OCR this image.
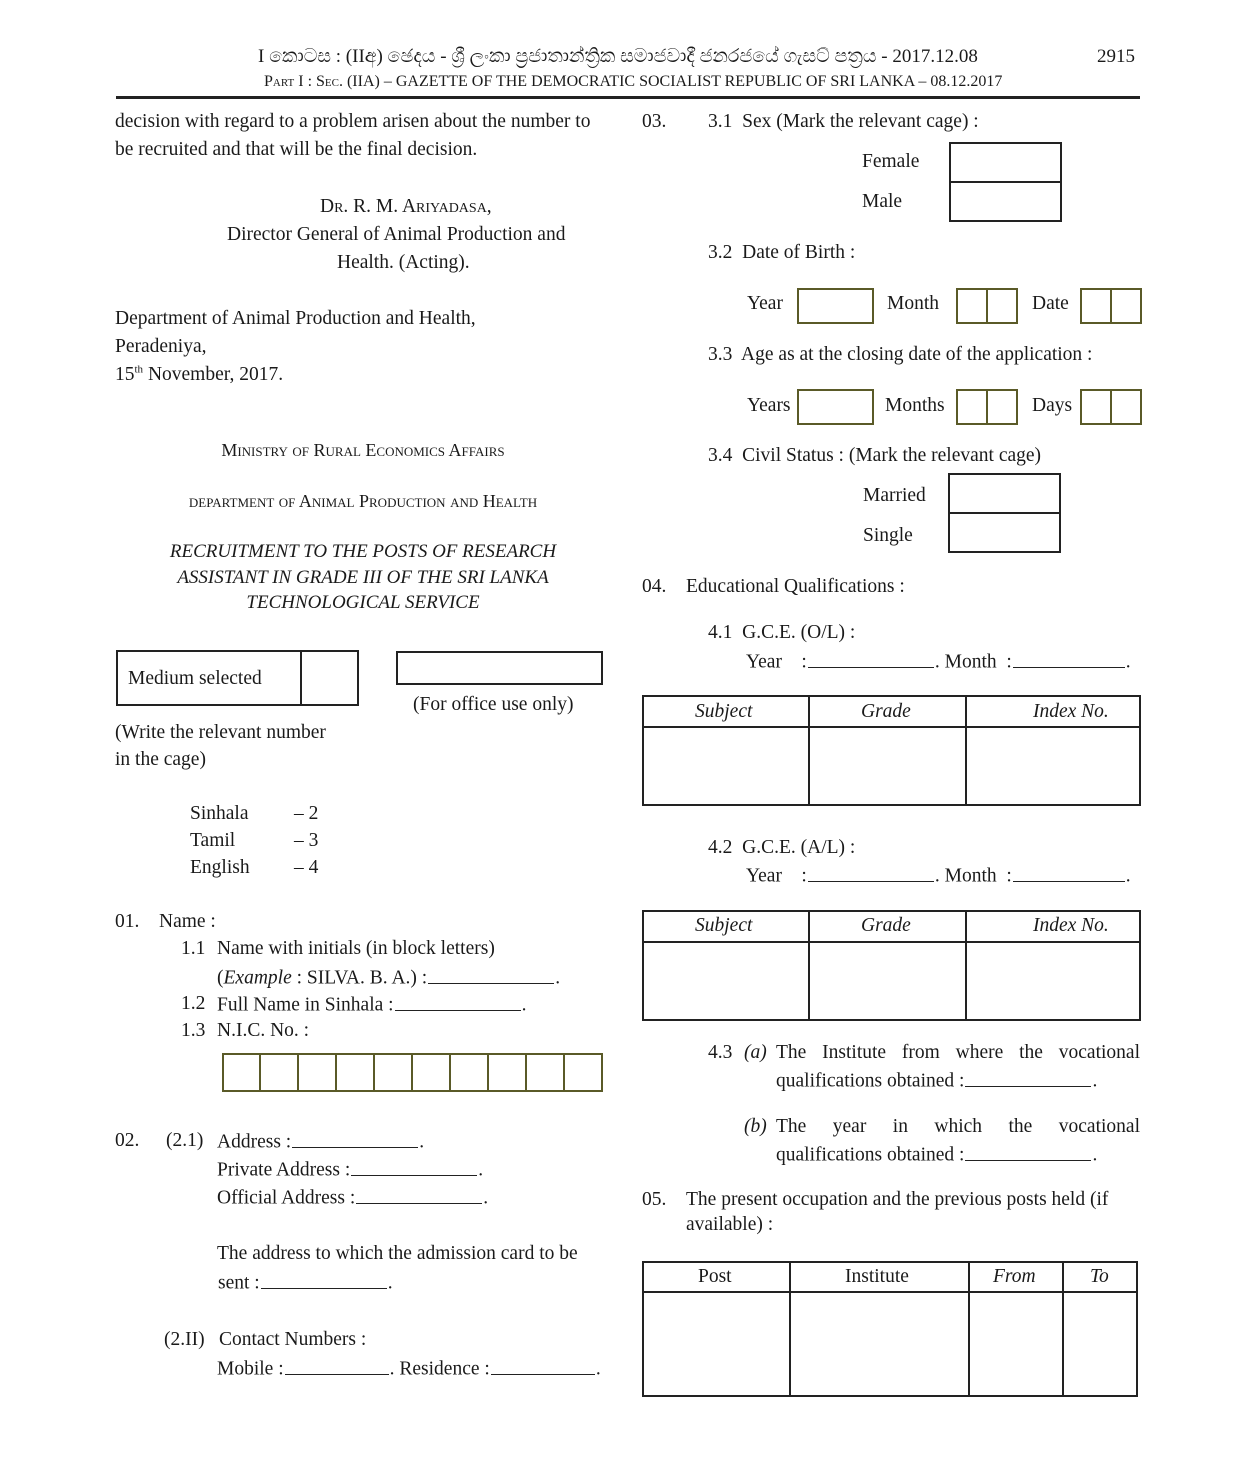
I කොටස : (IIඅ) ඡෙදය - ශ්‍රී ලංකා ප්‍රජාතාන්ත්‍රික සමාජවාදී ජනරජයේ ගැසට් පත්‍රය - 2017.12.08	2915
Part I : Sec. (IIA) – GAZETTE OF THE DEMOCRATIC SOCIALIST REPUBLIC OF SRI LANKA – 08.12.2017
decision with regard to a problem arisen about the number to
be recruited and that will be the final decision.
Dr. R. M. Ariyadasa,
Director General of Animal Production and
Health. (Acting).
Department of Animal Production and Health,
Peradeniya,
15th November, 2017.
Ministry of Rural Economics Affairs
department of Animal Production and Health
RECRUITMENT TO THE POSTS OF RESEARCH
ASSISTANT IN GRADE III OF THE SRI LANKA
TECHNOLOGICAL SERVICE
Medium selected
(For office use only)
(Write the relevant number
in the cage)
Sinhala – 2
Tamil	– 3
English – 4
01. Name :
1.1 Name with initials (in block letters)
(Example : SILVA. B. A.) :	.
1.2 Full Name in Sinhala :	.
1.3 N.I.C. No. :
02. (2.1) Address :	.
Private Address :	.
Official Address :	.
The address to which the admission card to be
sent :	.
(2.II) Contact Numbers :
Mobile :	. Residence :	.
03. 3.1  Sex (Mark the relevant cage) :
Female
Male
3.2  Date of Birth :
Year	Month	Date
3.3  Age as at the closing date of the application :
Years	Months	Days
3.4  Civil Status : (Mark the relevant cage)
Married
Single
04. Educational Qualifications :
4.1  G.C.E. (O/L) :
Year    :	. Month  :	.
Subject	Grade	Index No.
4.2  G.C.E. (A/L) :
Year    :	. Month  :	.
Subject	Grade	Index No.
4.3 (a) The Institute from where the vocational
qualifications obtained :	.
(b) The year in which the vocational
qualifications obtained :	.
05. The present occupation and the previous posts held (if
available) :
Post	Institute	From	To
